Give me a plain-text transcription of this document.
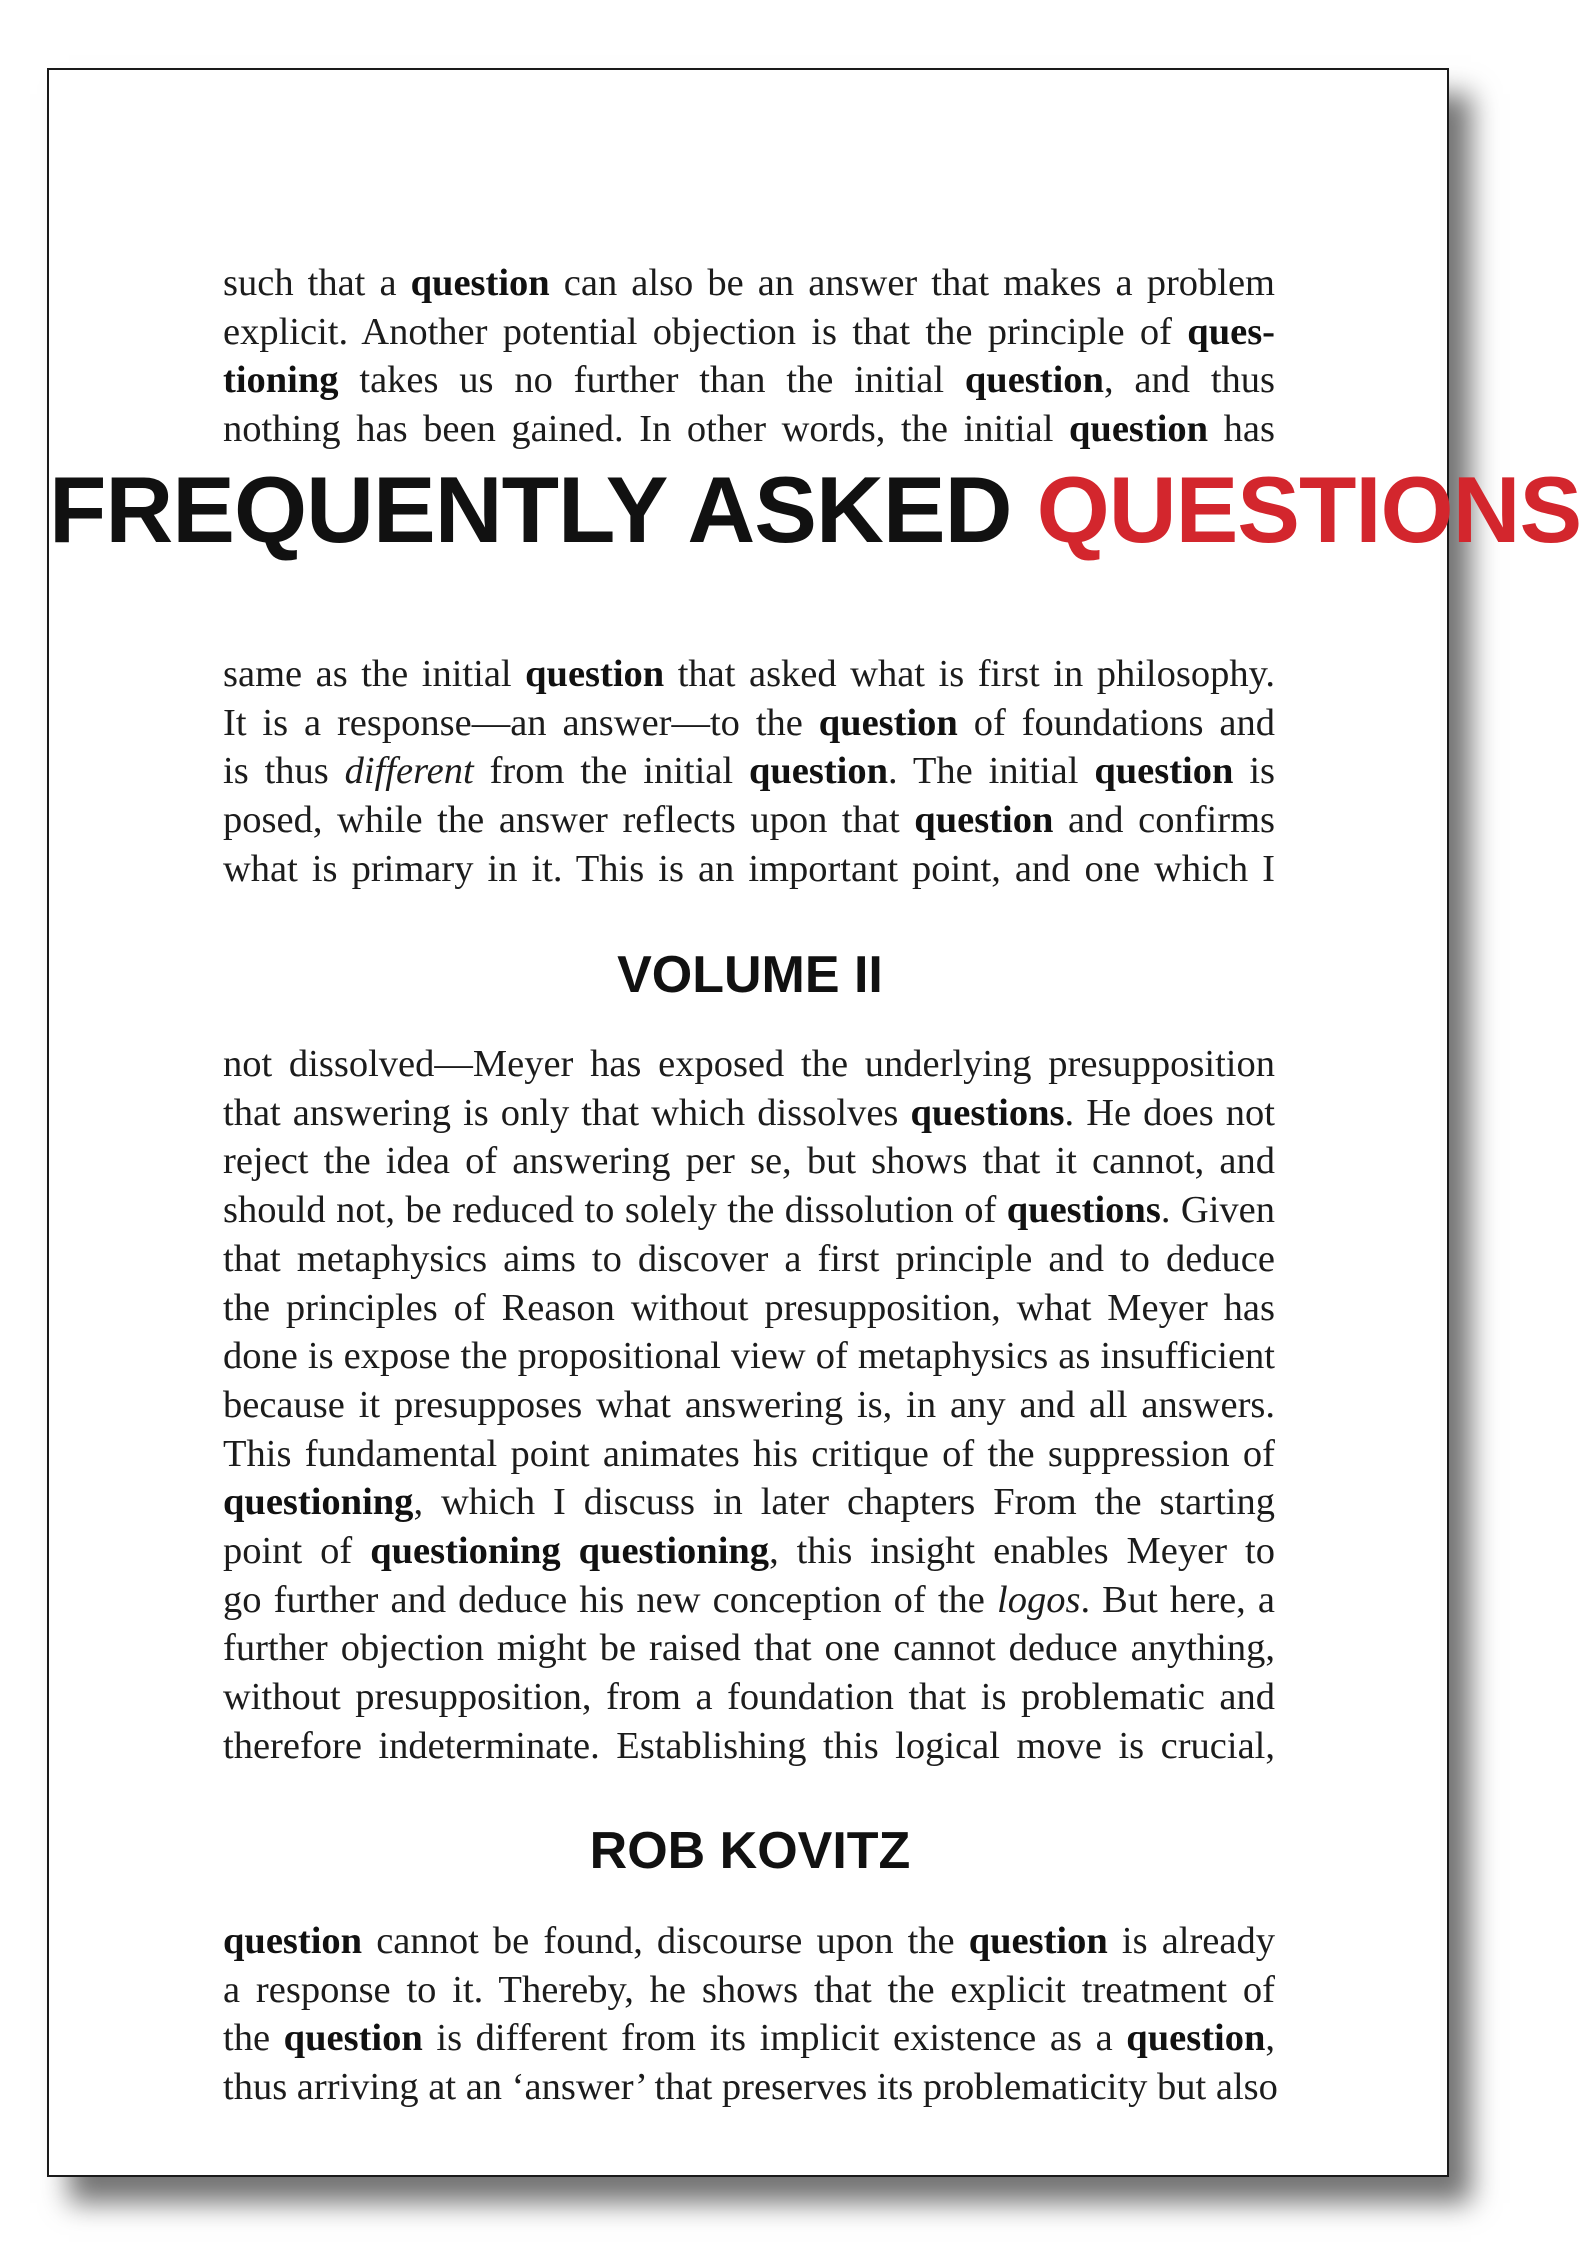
such that a question can also be an answer that makes a problem
explicit. Another potential objection is that the principle of ques-
tioning takes us no further than the initial question, and thus
nothing has been gained. In other words, the initial question has
FREQUENTLY ASKED QUESTIONS
same as the initial question that asked what is first in philosophy.
It is a response—an answer—to the question of foundations and
is thus different from the initial question. The initial question is
posed, while the answer reflects upon that question and confirms
what is primary in it. This is an important point, and one which I
VOLUME II
not dissolved—Meyer has exposed the underlying presupposition
that answering is only that which dissolves questions. He does not
reject the idea of answering per se, but shows that it cannot, and
should not, be reduced to solely the dissolution of questions. Given
that metaphysics aims to discover a first principle and to deduce
the principles of Reason without presupposition, what Meyer has
done is expose the propositional view of metaphysics as insufficient
because it presupposes what answering is, in any and all answers.
This fundamental point animates his critique of the suppression of
questioning, which I discuss in later chapters From the starting
point of questioning questioning, this insight enables Meyer to
go further and deduce his new conception of the logos. But here, a
further objection might be raised that one cannot deduce anything,
without presupposition, from a foundation that is problematic and
therefore indeterminate. Establishing this logical move is crucial,
ROB KOVITZ
question cannot be found, discourse upon the question is already
a response to it. Thereby, he shows that the explicit treatment of
the question is different from its implicit existence as a question,
thus arriving at an ‘answer’ that preserves its problematicity but also
